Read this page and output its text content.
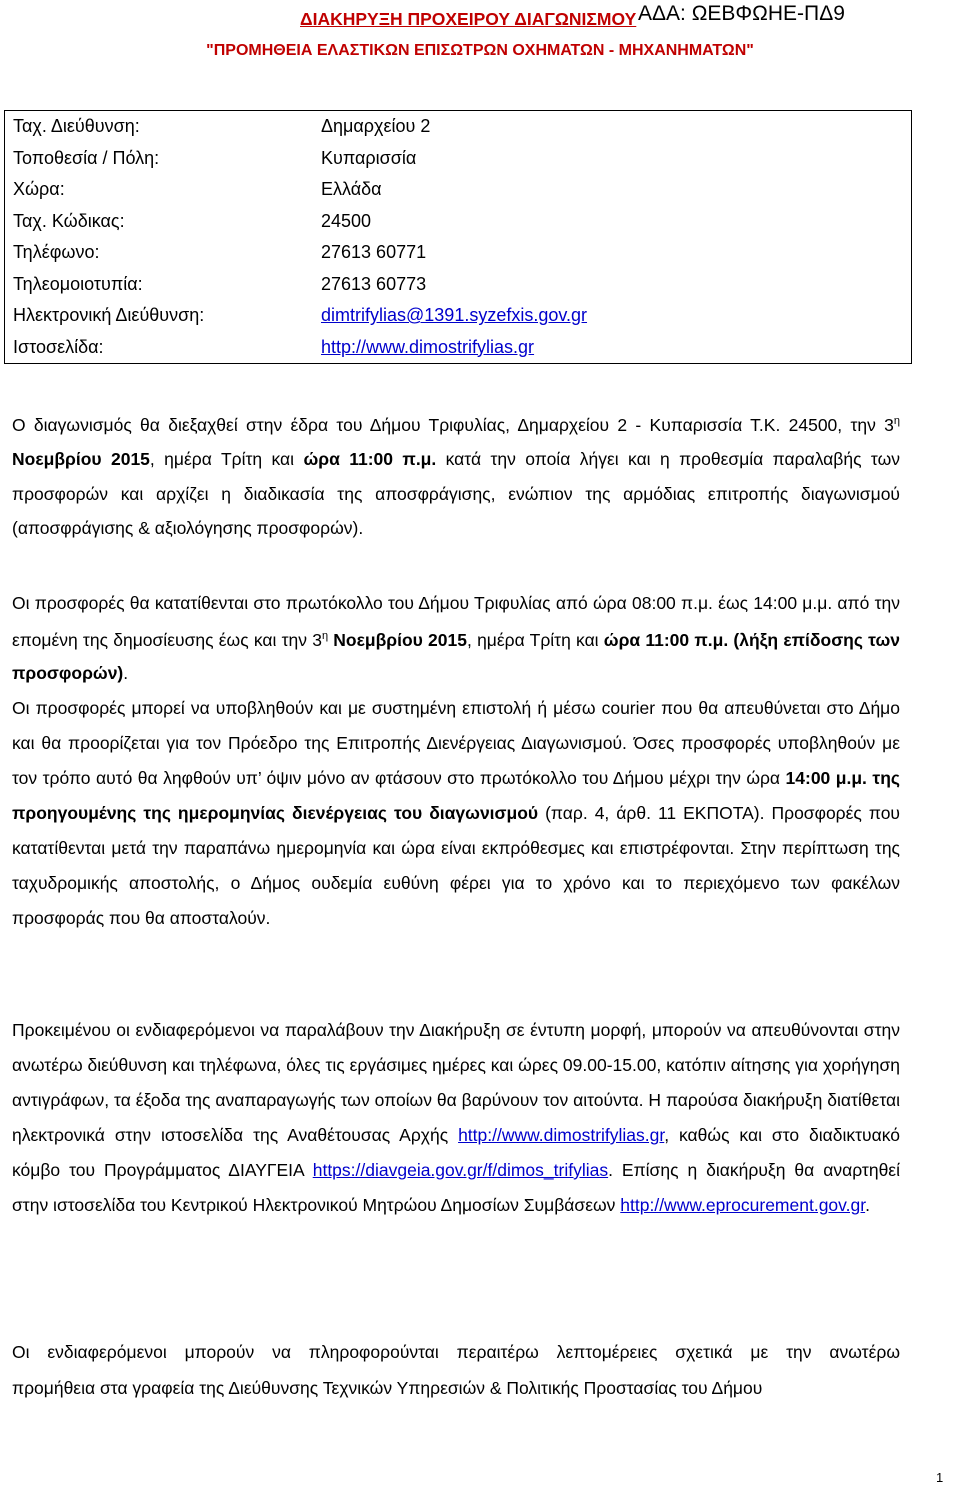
ΔΙΑΚΗΡΥΞΗ ΠΡΟΧΕΙΡΟΥ ΔΙΑΓΩΝΙΣΜΟΥ ΑΔΑ: ΩΕΒΦΩΗΕ-ΠΔ9
"ΠΡΟΜΗΘΕΙΑ ΕΛΑΣΤΙΚΩΝ ΕΠΙΣΩΤΡΩΝ ΟΧΗΜΑΤΩΝ - ΜΗΧΑΝΗΜΑΤΩΝ"
Ταχ. Διεύθυνση:	Δημαρχείου 2
Τοποθεσία / Πόλη:	Κυπαρισσία
Χώρα:	Ελλάδα
Ταχ. Κώδικας:	24500
Τηλέφωνο:	27613 60771
Τηλεομοιοτυπία:	27613 60773
Ηλεκτρονική Διεύθυνση:	dimtrifylias@1391.syzefxis.gov.gr
Ιστοσελίδα:	http://www.dimostrifylias.gr
Ο διαγωνισμός θα διεξαχθεί στην έδρα του Δήμου Τριφυλίας, Δημαρχείου 2 - Κυπαρισσία Τ.Κ. 24500, την $3^\eta$ Νοεμβρίου 2015, ημέρα Τρίτη και ώρα 11:00 π.μ. κατά την οποία λήγει και η προθεσμία παραλαβής των προσφορών και αρχίζει η διαδικασία της αποσφράγισης, ενώπιον της αρμόδιας επιτροπής διαγωνισμού (αποσφράγισης & αξιολόγησης προσφορών).
Οι προσφορές θα κατατίθενται στο πρωτόκολλο του Δήμου Τριφυλίας από ώρα 08:00 π.μ. έως 14:00 μ.μ. από την επομένη της δημοσίευσης έως και την $3^\eta$ Νοεμβρίου 2015, ημέρα Τρίτη και ώρα 11:00 π.μ. (λήξη επίδοσης των προσφορών).
Οι προσφορές μπορεί να υποβληθούν και με συστημένη επιστολή ή μέσω courier που θα απευθύνεται στο Δήμο και θα προορίζεται για τον Πρόεδρο της Επιτροπής Διενέργειας Διαγωνισμού. Όσες προσφορές υποβληθούν με τον τρόπο αυτό θα ληφθούν υπ’ όψιν μόνο αν φτάσουν στο πρωτόκολλο του Δήμου μέχρι την ώρα 14:00 μ.μ. της προηγουμένης της ημερομηνίας διενέργειας του διαγωνισμού (παρ. 4, άρθ. 11 ΕΚΠΟΤΑ). Προσφορές που κατατίθενται μετά την παραπάνω ημερομηνία και ώρα είναι εκπρόθεσμες και επιστρέφονται. Στην περίπτωση της ταχυδρομικής αποστολής, ο Δήμος ουδεμία ευθύνη φέρει για το χρόνο και το περιεχόμενο των φακέλων προσφοράς που θα αποσταλούν.
Προκειμένου οι ενδιαφερόμενοι να παραλάβουν την Διακήρυξη σε έντυπη μορφή, μπορούν να απευθύνονται στην ανωτέρω διεύθυνση και τηλέφωνα, όλες τις εργάσιμες ημέρες και ώρες 09.00-15.00, κατόπιν αίτησης για χορήγηση αντιγράφων, τα έξοδα της αναπαραγωγής των οποίων θα βαρύνουν τον αιτούντα. Η παρούσα διακήρυξη διατίθεται ηλεκτρονικά στην ιστοσελίδα της Αναθέτουσας Αρχής http://www.dimostrifylias.gr, καθώς και στο διαδικτυακό κόμβο του Προγράμματος ΔΙΑΥΓΕΙΑ https://diavgeia.gov.gr/f/dimos_trifylias. Επίσης η διακήρυξη θα αναρτηθεί στην ιστοσελίδα του Κεντρικού Ηλεκτρονικού Μητρώου Δημοσίων Συμβάσεων http://www.eprocurement.gov.gr.
Οι ενδιαφερόμενοι μπορούν να πληροφορούνται περαιτέρω λεπτομέρειες σχετικά με την ανωτέρω
προμήθεια στα γραφεία της Διεύθυνσης Τεχνικών Υπηρεσιών & Πολιτικής Προστασίας του Δήμου
1
